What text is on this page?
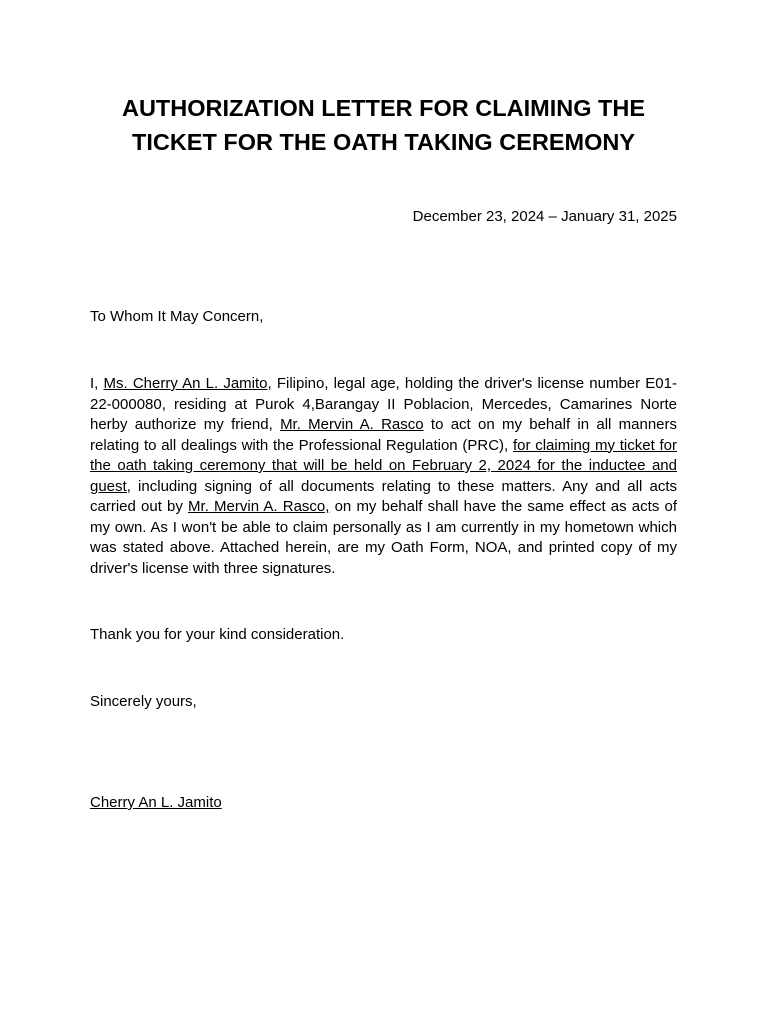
AUTHORIZATION LETTER FOR CLAIMING THE
TICKET FOR THE OATH TAKING CEREMONY
December 23, 2024 – January 31, 2025
To Whom It May Concern,

I, Ms. Cherry An L. Jamito, Filipino, legal age, holding the driver's license number E01-22-000080, residing at Purok 4,Barangay II Poblacion, Mercedes, Camarines Norte herby authorize my friend, Mr. Mervin A. Rasco to act on my behalf in all manners relating to all dealings with the Professional Regulation (PRC), for claiming my ticket for the oath taking ceremony that will be held on February 2, 2024 for the inductee and guest, including signing of all documents relating to these matters. Any and all acts carried out by Mr. Mervin A. Rasco, on my behalf shall have the same effect as acts of my own. As I won't be able to claim personally as I am currently in my hometown which was stated above. Attached herein, are my Oath Form, NOA, and printed copy of my driver's license with three signatures.

Thank you for your kind consideration.
Sincerely yours,
Cherry An L. Jamito
